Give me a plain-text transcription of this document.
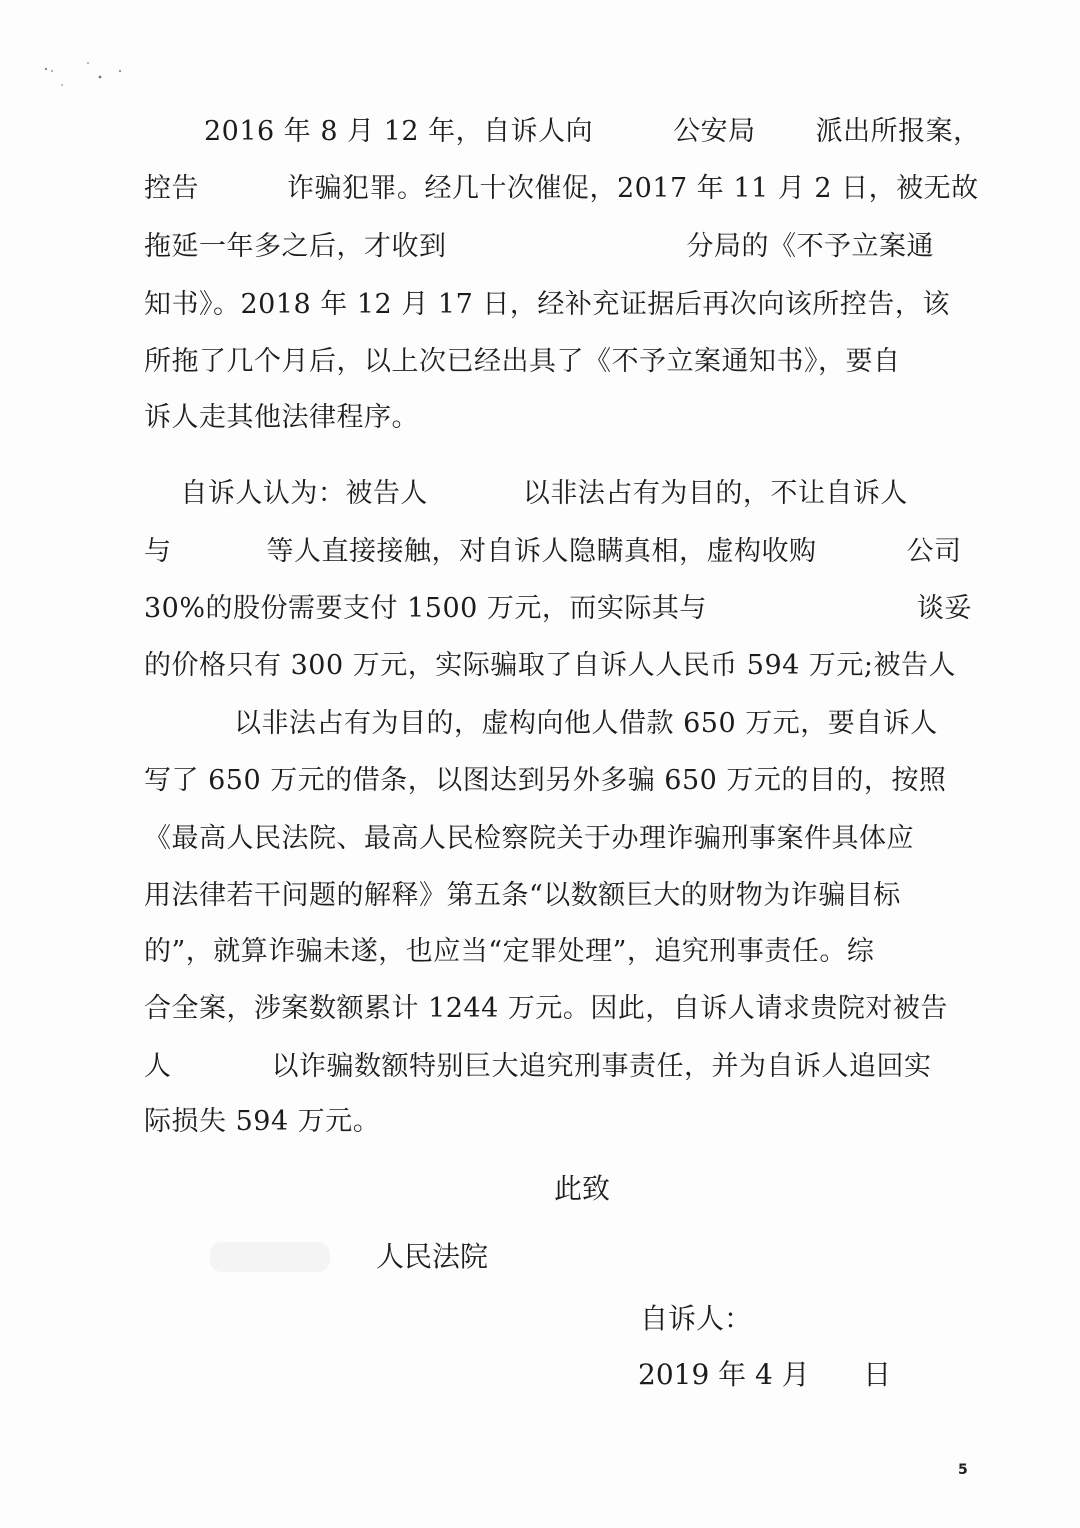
2016 年 8 月 12 年，自诉人向	公安局 派出所报案，

控告	诈骗犯罪。经几十次催促，2017 年 11 月 2 日，被无故

拖延一年多之后，才收到	分局的《不予立案通

知书》。2018 年 12 月 17 日，经补充证据后再次向该所控告，该

所拖了几个月后，以上次已经出具了《不予立案通知书》，要自

诉人走其他法律程序。

自诉人认为：被告人	以非法占有为目的，不让自诉人

与	等人直接接触，对自诉人隐瞒真相，虚构收购	公司

30%的股份需要支付 1500 万元，而实际其与	谈妥

的价格只有 300 万元，实际骗取了自诉人人民币 594 万元;被告人

以非法占有为目的，虚构向他人借款 650 万元，要自诉人

写了 650 万元的借条，以图达到另外多骗 650 万元的目的，按照

《最高人民法院、最高人民检察院关于办理诈骗刑事案件具体应

用法律若干问题的解释》第五条“以数额巨大的财物为诈骗目标

的”，就算诈骗未遂，也应当“定罪处理”，追究刑事责任。综

合全案，涉案数额累计 1244 万元。因此，自诉人请求贵院对被告

人	以诈骗数额特别巨大追究刑事责任，并为自诉人追回实

际损失 594 万元。

此致

人民法院

自诉人：

2019 年 4 月      日

5
